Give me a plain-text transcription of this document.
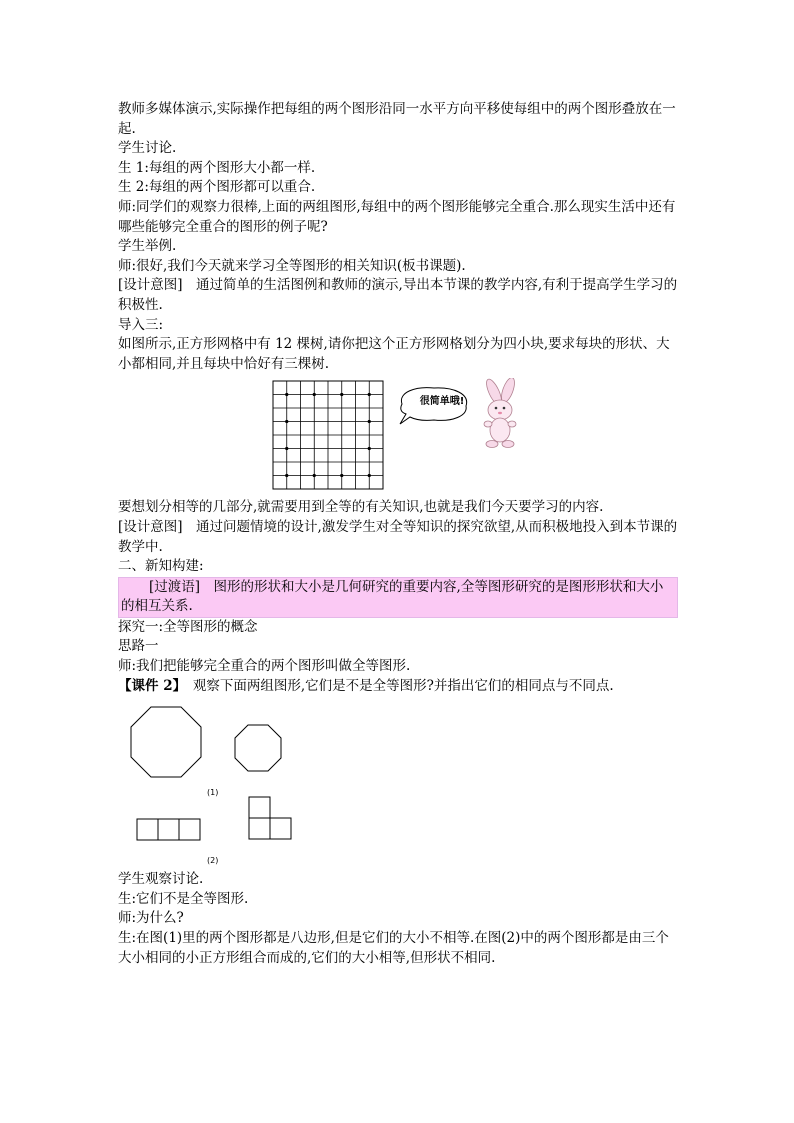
教师多媒体演示,实际操作把每组的两个图形沿同一水平方向平移使每组中的两个图形叠放在一起.

学生讨论.

生 1:每组的两个图形大小都一样.

生 2:每组的两个图形都可以重合.

师:同学们的观察力很棒,上面的两组图形,每组中的两个图形能够完全重合.那么现实生活中还有哪些能够完全重合的图形的例子呢?

学生举例.

师:很好,我们今天就来学习全等图形的相关知识(板书课题).

[设计意图]　通过简单的生活图例和教师的演示,导出本节课的教学内容,有利于提高学生学习的积极性.

导入三:

如图所示,正方形网格中有 12 棵树,请你把这个正方形网格划分为四小块,要求每块的形状、大小都相同,并且每块中恰好有三棵树.

很简单哦!

要想划分相等的几部分,就需要用到全等的有关知识,也就是我们今天要学习的内容.

[设计意图]　通过问题情境的设计,激发学生对全等知识的探究欲望,从而积极地投入到本节课的教学中.

二、新知构建:

[过渡语]　图形的形状和大小是几何研究的重要内容,全等图形研究的是图形形状和大小的相互关系.

探究一:全等图形的概念

思路一

师:我们把能够完全重合的两个图形叫做全等图形.

【课件 2】　观察下面两组图形,它们是不是全等图形?并指出它们的相同点与不同点.

(1)
(2)

学生观察讨论.

生:它们不是全等图形.

师:为什么?

生:在图(1)里的两个图形都是八边形,但是它们的大小不相等.在图(2)中的两个图形都是由三个大小相同的小正方形组合而成的,它们的大小相等,但形状不相同.
